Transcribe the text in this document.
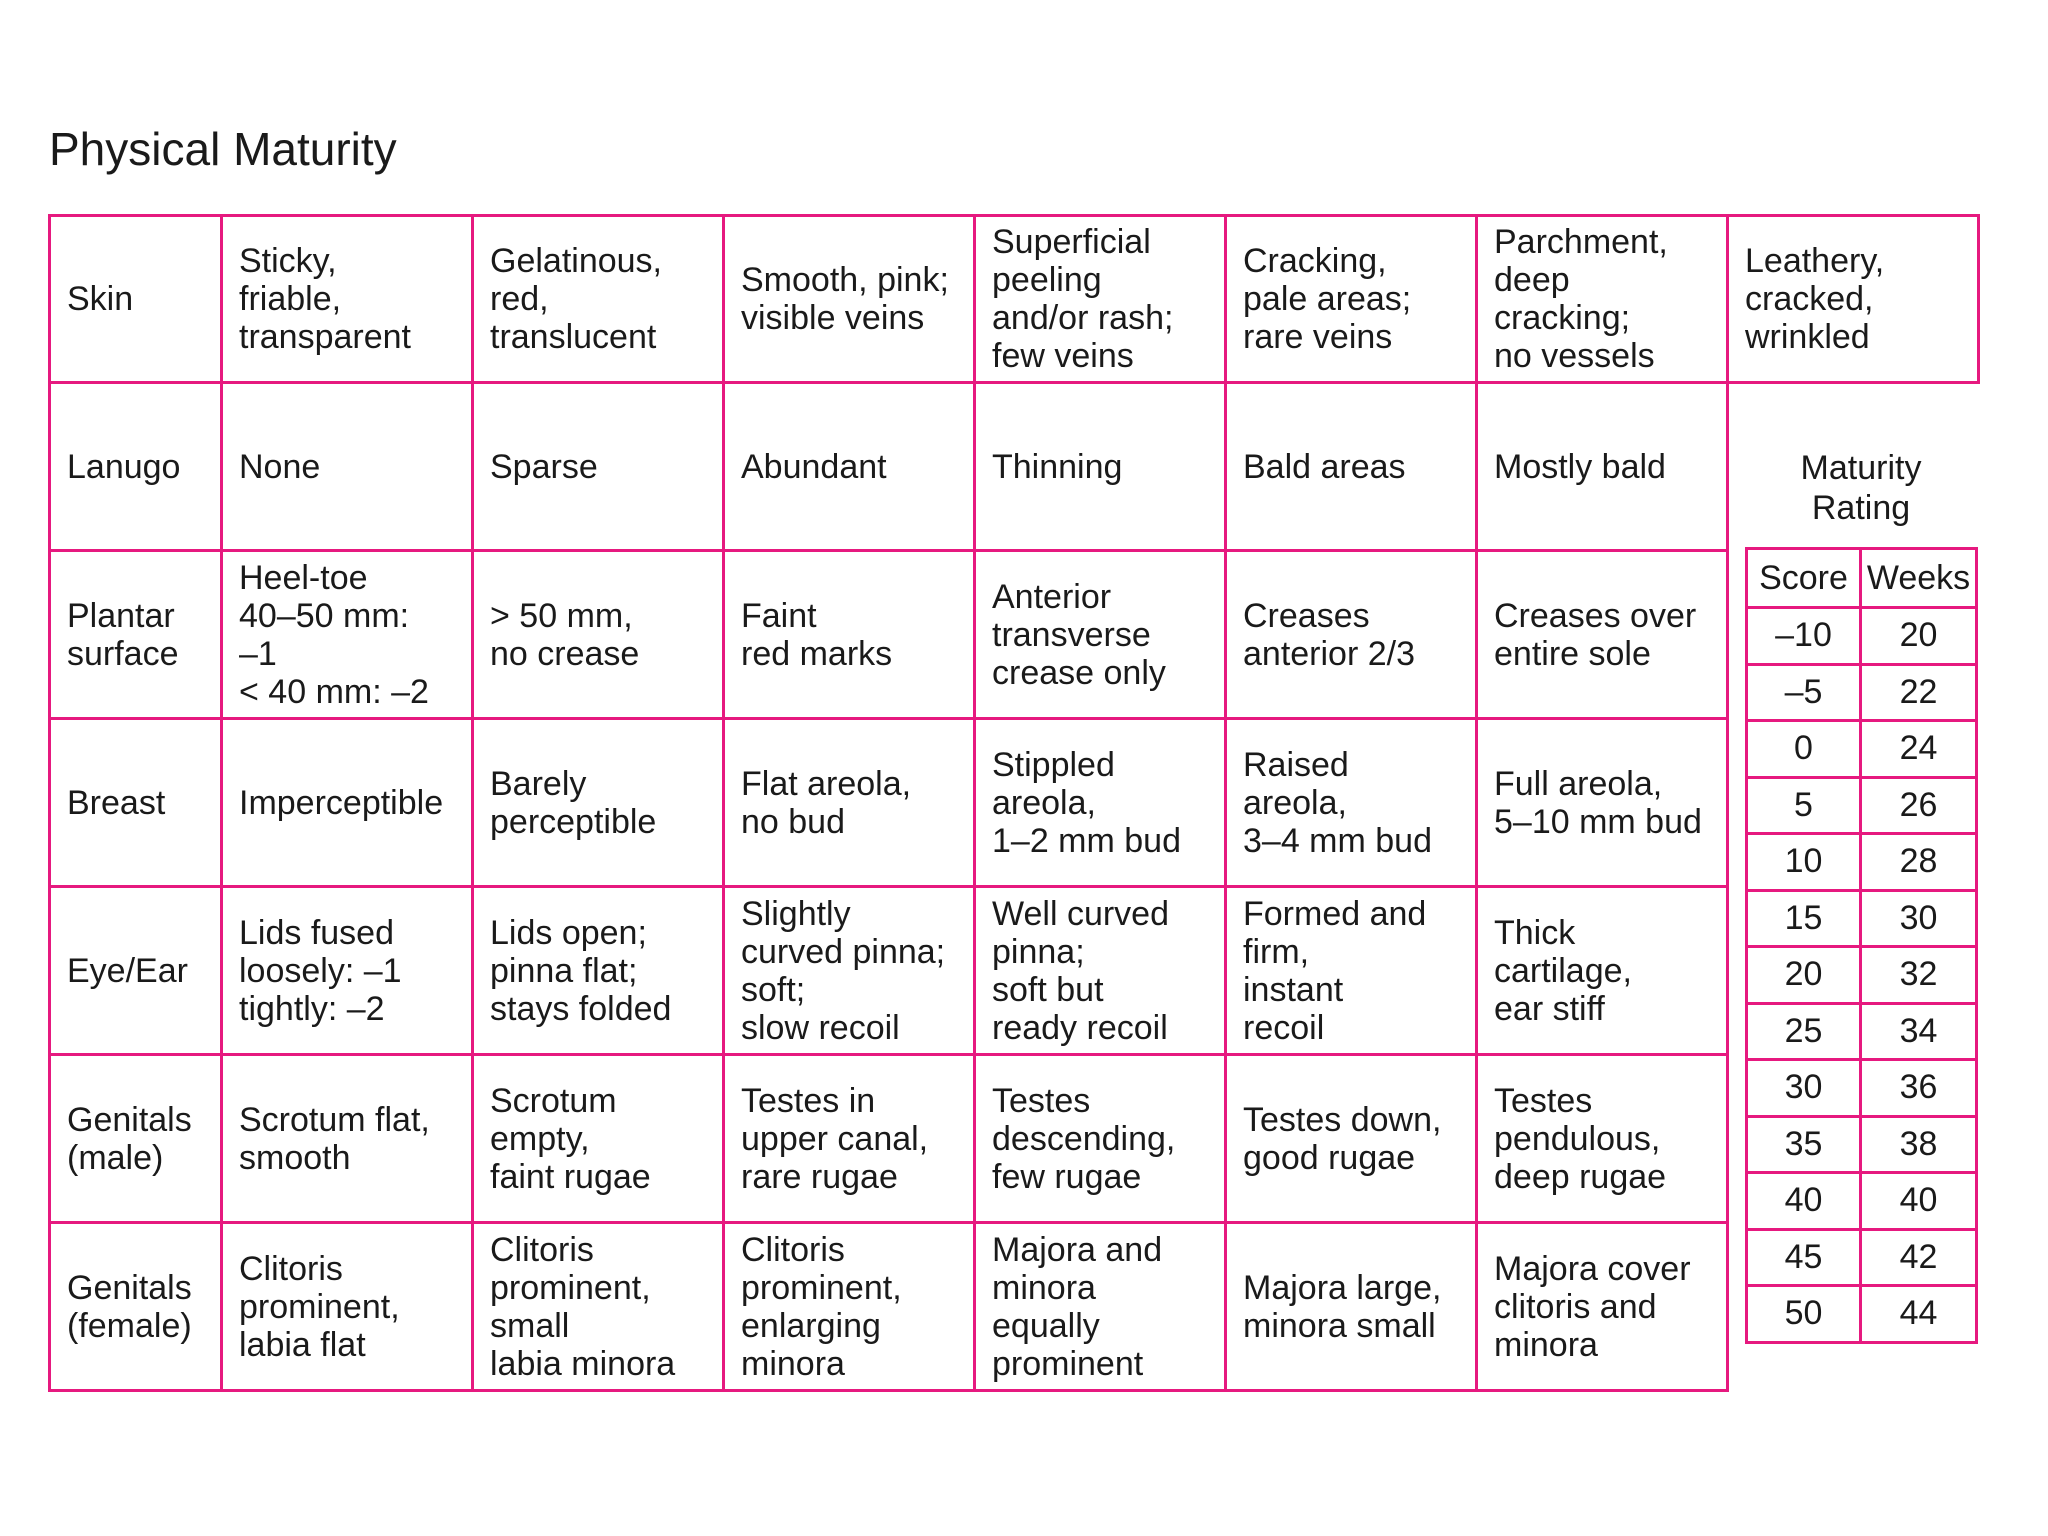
Physical Maturity
Skin	Sticky,
friable,
transparent	Gelatinous,
red,
translucent	Smooth, pink;
visible veins	Superficial
peeling
and/or rash;
few veins	Cracking,
pale areas;
rare veins	Parchment,
deep
cracking;
no vessels	Leathery,
cracked,
wrinkled
Lanugo	None	Sparse	Abundant	Thinning	Bald areas	Mostly bald	
Plantar
surface	Heel-toe
40–50 mm:
–1
< 40 mm: –2	> 50 mm,
no crease	Faint
red marks	Anterior
transverse
crease only	Creases
anterior 2/3	Creases over
entire sole	
Breast	Imperceptible	Barely
perceptible	Flat areola,
no bud	Stippled
areola,
1–2 mm bud	Raised
areola,
3–4 mm bud	Full areola,
5–10 mm bud	
Eye/Ear	Lids fused
loosely: –1
tightly: –2	Lids open;
pinna flat;
stays folded	Slightly
curved pinna;
soft;
slow recoil	Well curved
pinna;
soft but
ready recoil	Formed and
firm,
instant
recoil	Thick
cartilage,
ear stiff	
Genitals
(male)	Scrotum flat,
smooth	Scrotum
empty,
faint rugae	Testes in
upper canal,
rare rugae	Testes
descending,
few rugae	Testes down,
good rugae	Testes
pendulous,
deep rugae	
Genitals
(female)	Clitoris
prominent,
labia flat	Clitoris
prominent,
small
labia minora	Clitoris
prominent,
enlarging
minora	Majora and
minora
equally
prominent	Majora large,
minora small	Majora cover
clitoris and
minora	
Maturity
Rating
Score	Weeks
–10	20
–5	22
0	24
5	26
10	28
15	30
20	32
25	34
30	36
35	38
40	40
45	42
50	44
